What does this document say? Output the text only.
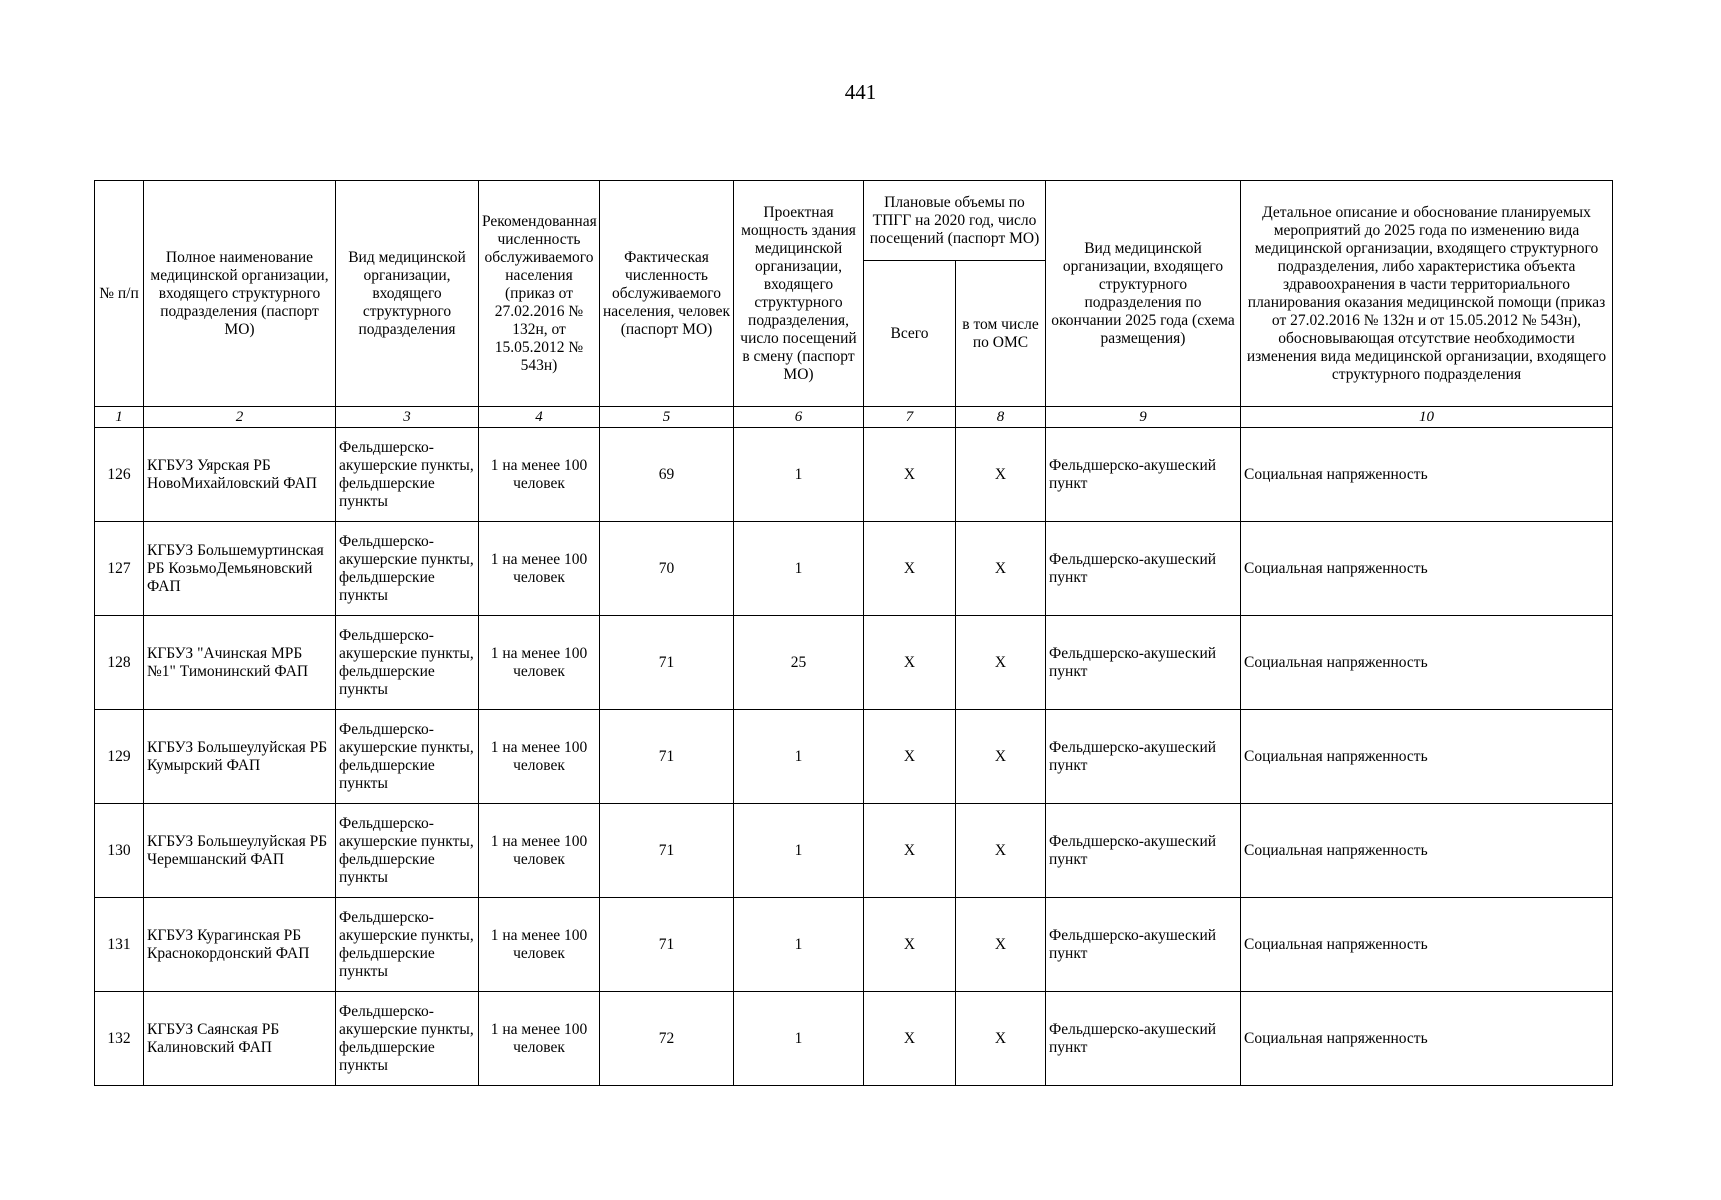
441
№ п/п	Полное наименование медицинской организации, входящего структурного подразделения (паспорт МО)	Вид медицинской организации, входящего структурного подразделения	Рекомендованная численность обслуживаемого населения (приказ от 27.02.2016 № 132н, от 15.05.2012 № 543н)	Фактическая численность обслуживаемого населения, человек (паспорт МО)	Проектная мощность здания медицинской организации, входящего структурного подразделения, число посещений в смену (паспорт МО)	Плановые объемы по ТПГГ на 2020 год, число посещений (паспорт МО)		Вид медицинской организации, входящего структурного подразделения по окончании 2025 года (схема размещения)	Детальное описание и обоснование планируемых мероприятий до 2025 года по изменению вида медицинской организации, входящего структурного подразделения, либо характеристика объекта здравоохранения в части территориального планирования оказания медицинской помощи (приказ от 27.02.2016 № 132н и от 15.05.2012 № 543н), обосновывающая отсутствие необходимости изменения вида медицинской организации, входящего структурного подразделения
						Всего	в том числе по ОМС		
1	2	3	4	5	6	7	8	9	10
126	КГБУЗ Уярская РБ НовоМихайловский ФАП	Фельдшерско-акушерские пункты, фельдшерские пункты	1 на менее 100 человек	69	1	X	X	Фельдшерско-акушеский пункт	Социальная напряженность
127	КГБУЗ Большемуртинская РБ КозьмоДемьяновский ФАП	Фельдшерско-акушерские пункты, фельдшерские пункты	1 на менее 100 человек	70	1	X	X	Фельдшерско-акушеский пункт	Социальная напряженность
128	КГБУЗ "Ачинская МРБ №1" Тимонинский ФАП	Фельдшерско-акушерские пункты, фельдшерские пункты	1 на менее 100 человек	71	25	X	X	Фельдшерско-акушеский пункт	Социальная напряженность
129	КГБУЗ Большеулуйская РБ Кумырский ФАП	Фельдшерско-акушерские пункты, фельдшерские пункты	1 на менее 100 человек	71	1	X	X	Фельдшерско-акушеский пункт	Социальная напряженность
130	КГБУЗ Большеулуйская РБ Черемшанский ФАП	Фельдшерско-акушерские пункты, фельдшерские пункты	1 на менее 100 человек	71	1	X	X	Фельдшерско-акушеский пункт	Социальная напряженность
131	КГБУЗ Курагинская РБ Краснокордонский ФАП	Фельдшерско-акушерские пункты, фельдшерские пункты	1 на менее 100 человек	71	1	X	X	Фельдшерско-акушеский пункт	Социальная напряженность
132	КГБУЗ Саянская РБ Калиновский ФАП	Фельдшерско-акушерские пункты, фельдшерские пункты	1 на менее 100 человек	72	1	X	X	Фельдшерско-акушеский пункт	Социальная напряженность
